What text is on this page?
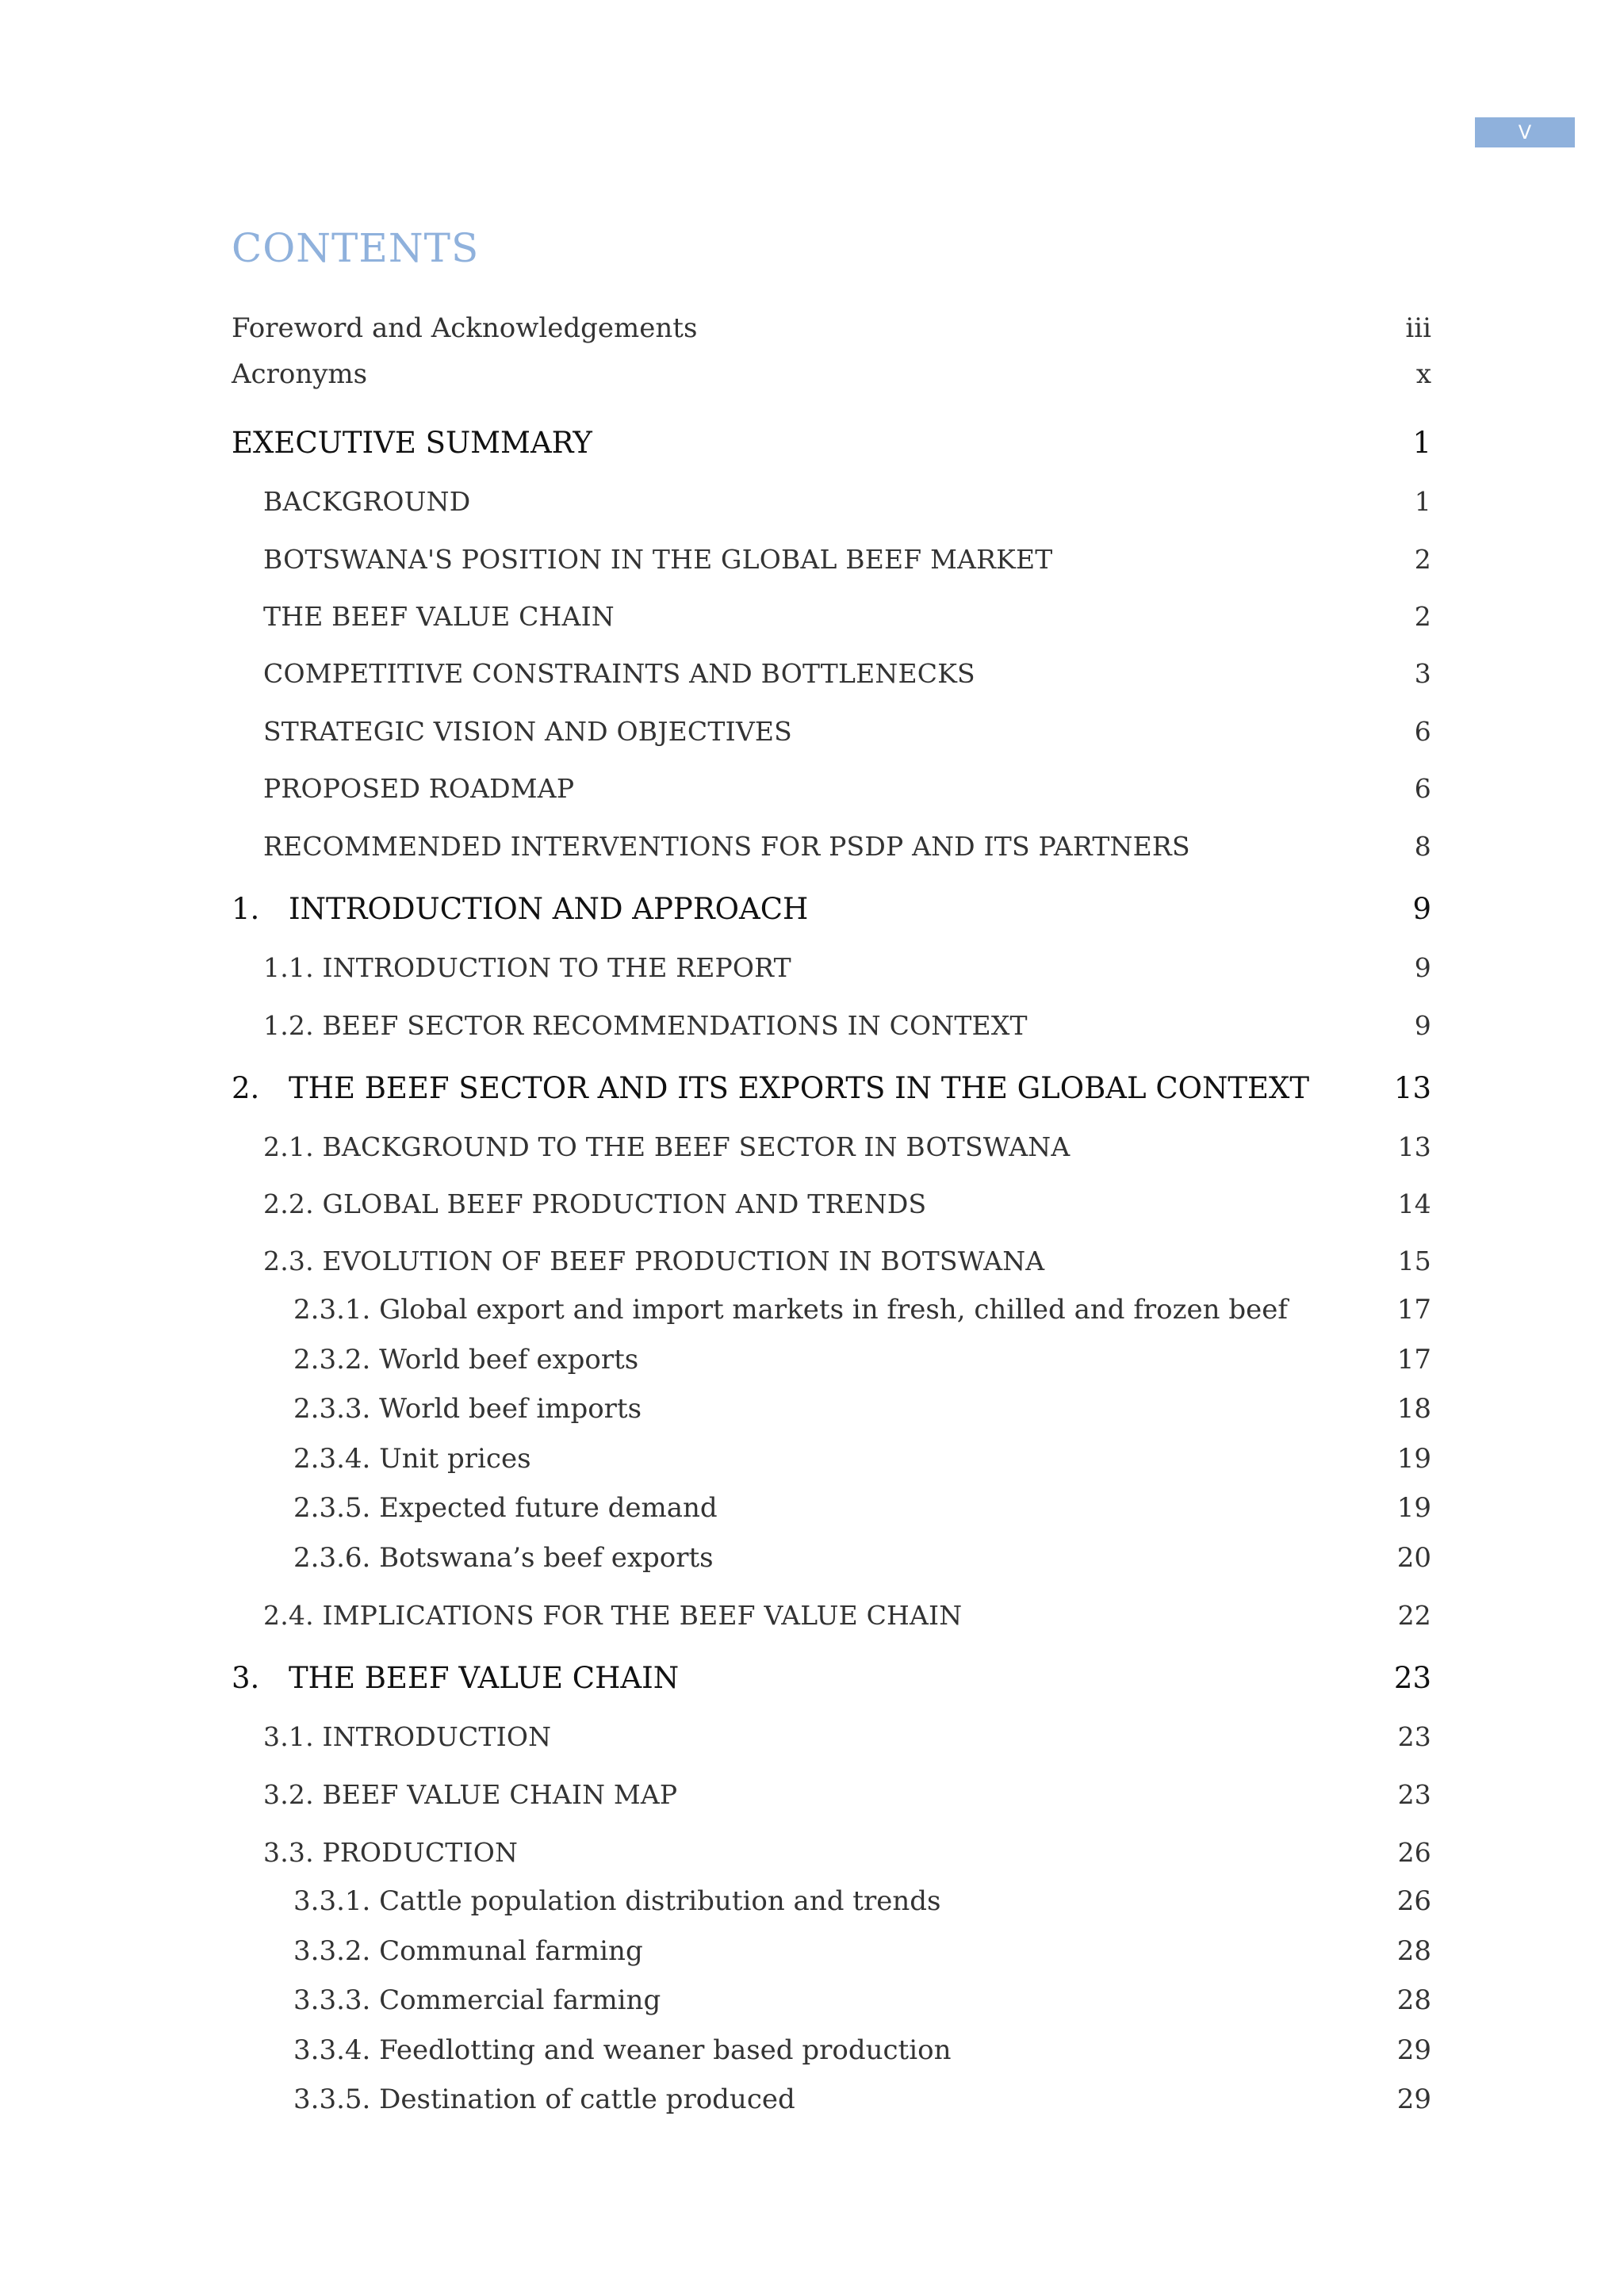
V
CONTENTS
Foreword and Acknowledgements	iii
Acronyms	x
EXECUTIVE SUMMARY	1
BACKGROUND	1
BOTSWANA'S POSITION IN THE GLOBAL BEEF MARKET	2
THE BEEF VALUE CHAIN	2
COMPETITIVE CONSTRAINTS AND BOTTLENECKS	3
STRATEGIC VISION AND OBJECTIVES	6
PROPOSED ROADMAP	6
RECOMMENDED INTERVENTIONS FOR PSDP AND ITS PARTNERS	8
1. INTRODUCTION AND APPROACH	9
1.1. INTRODUCTION TO THE REPORT	9
1.2. BEEF SECTOR RECOMMENDATIONS IN CONTEXT	9
2. THE BEEF SECTOR AND ITS EXPORTS IN THE GLOBAL CONTEXT	13
2.1. BACKGROUND TO THE BEEF SECTOR IN BOTSWANA	13
2.2. GLOBAL BEEF PRODUCTION AND TRENDS	14
2.3. EVOLUTION OF BEEF PRODUCTION IN BOTSWANA	15
2.3.1. Global export and import markets in fresh, chilled and frozen beef	17
2.3.2. World beef exports	17
2.3.3. World beef imports	18
2.3.4. Unit prices	19
2.3.5. Expected future demand	19
2.3.6. Botswana’s beef exports	20
2.4. IMPLICATIONS FOR THE BEEF VALUE CHAIN	22
3. THE BEEF VALUE CHAIN	23
3.1. INTRODUCTION	23
3.2. BEEF VALUE CHAIN MAP	23
3.3. PRODUCTION	26
3.3.1. Cattle population distribution and trends	26
3.3.2. Communal farming	28
3.3.3. Commercial farming	28
3.3.4. Feedlotting and weaner based production	29
3.3.5. Destination of cattle produced	29
